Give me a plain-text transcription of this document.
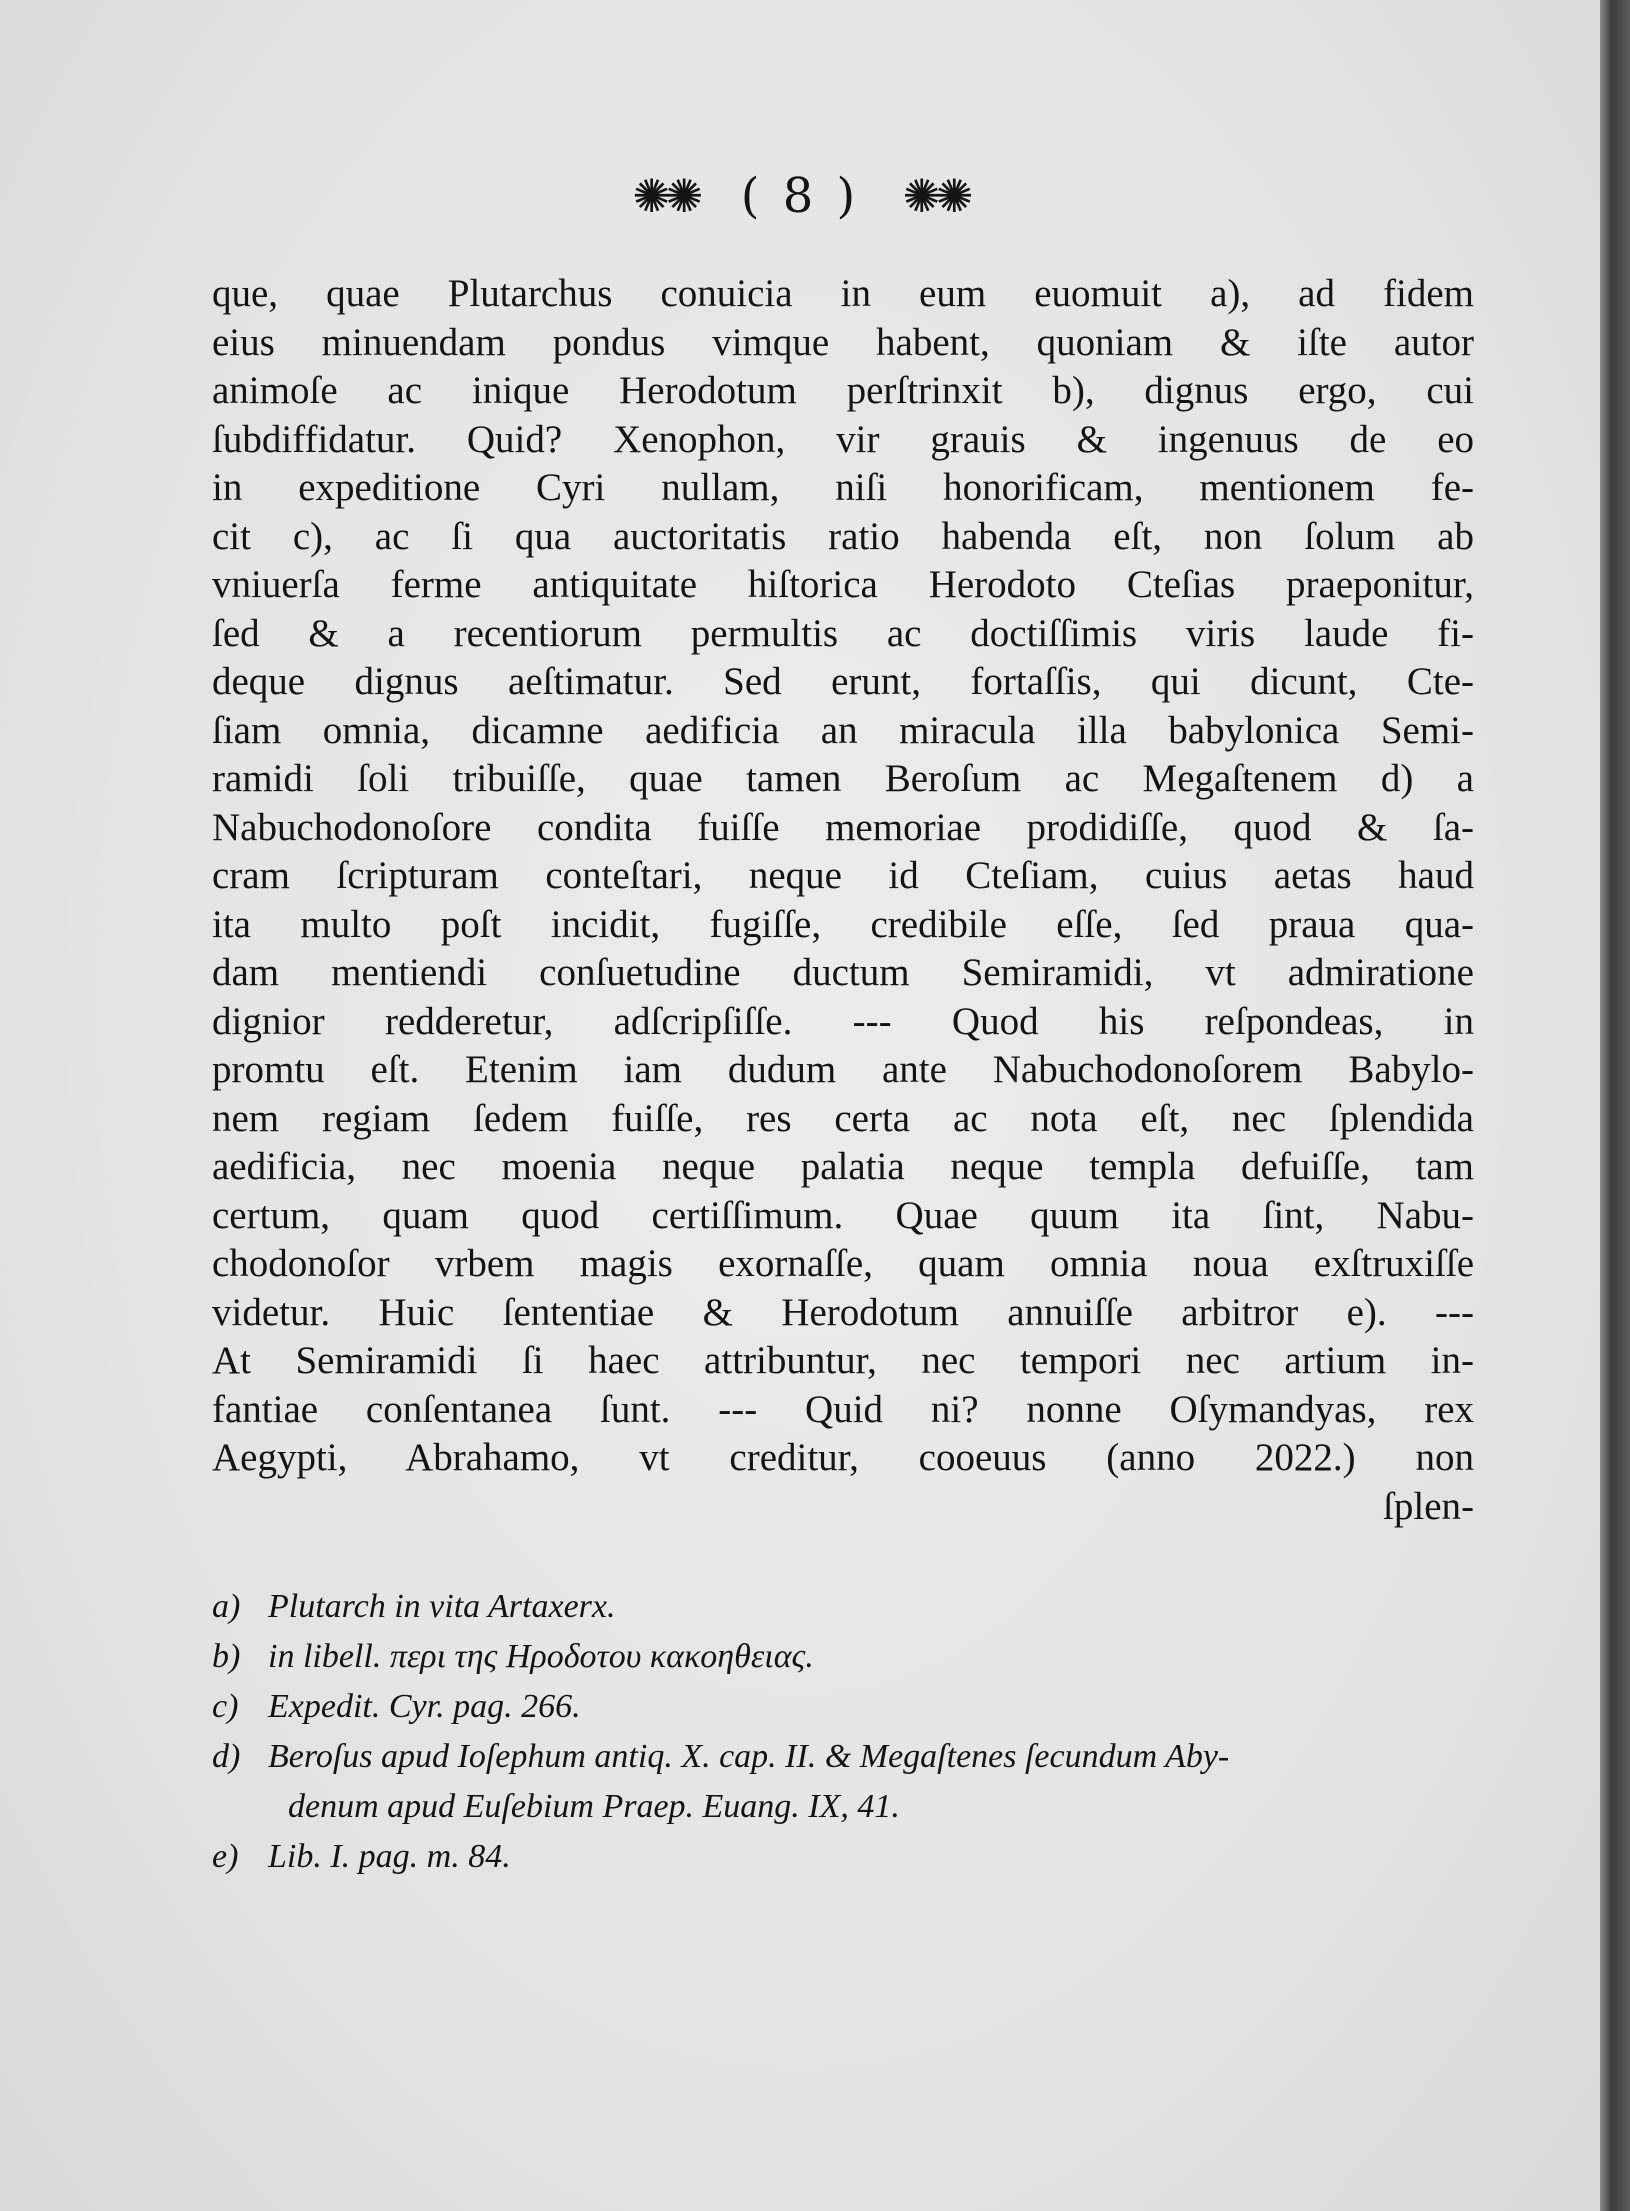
✺✺ ( 8 ) ✺✺
que, quae Plutarchus conuicia in eum euomuit a), ad fidem
eius minuendam pondus vimque habent, quoniam & iſte autor
animoſe ac inique Herodotum perſtrinxit b), dignus ergo, cui
ſubdiffidatur. Quid? Xenophon, vir grauis & ingenuus de eo
in expeditione Cyri nullam, niſi honorificam, mentionem fe-
cit c), ac ſi qua auctoritatis ratio habenda eſt, non ſolum ab
vniuerſa ferme antiquitate hiſtorica Herodoto Cteſias praeponitur,
ſed & a recentiorum permultis ac doctiſſimis viris laude fi-
deque dignus aeſtimatur. Sed erunt, fortaſſis, qui dicunt, Cte-
ſiam omnia, dicamne aedificia an miracula illa babylonica Semi-
ramidi ſoli tribuiſſe, quae tamen Beroſum ac Megaſtenem d) a
Nabuchodonoſore condita fuiſſe memoriae prodidiſſe, quod & ſa-
cram ſcripturam conteſtari, neque id Cteſiam, cuius aetas haud
ita multo poſt incidit, fugiſſe, credibile eſſe, ſed praua qua-
dam mentiendi conſuetudine ductum Semiramidi, vt admiratione
dignior redderetur, adſcripſiſſe. --- Quod his reſpondeas, in
promtu eſt. Etenim iam dudum ante Nabuchodonoſorem Babylo-
nem regiam ſedem fuiſſe, res certa ac nota eſt, nec ſplendida
aedificia, nec moenia neque palatia neque templa defuiſſe, tam
certum, quam quod certiſſimum. Quae quum ita ſint, Nabu-
chodonoſor vrbem magis exornaſſe, quam omnia noua exſtruxiſſe
videtur. Huic ſententiae & Herodotum annuiſſe arbitror e). ---
At Semiramidi ſi haec attribuntur, nec tempori nec artium in-
fantiae conſentanea ſunt. --- Quid ni? nonne Oſymandyas, rex
Aegypti, Abrahamo, vt creditur, cooeuus (anno 2022.) non
ſplen-
a) Plutarch in vita Artaxerx.
b) in libell. περι της Ηροδοτου κακοηθειας.
c) Expedit. Cyr. pag. 266.
d) Beroſus apud Ioſephum antiq. X. cap. II. & Megaſtenes ſecundum Aby-
denum apud Euſebium Praep. Euang. IX, 41.
e) Lib. I. pag. m. 84.
